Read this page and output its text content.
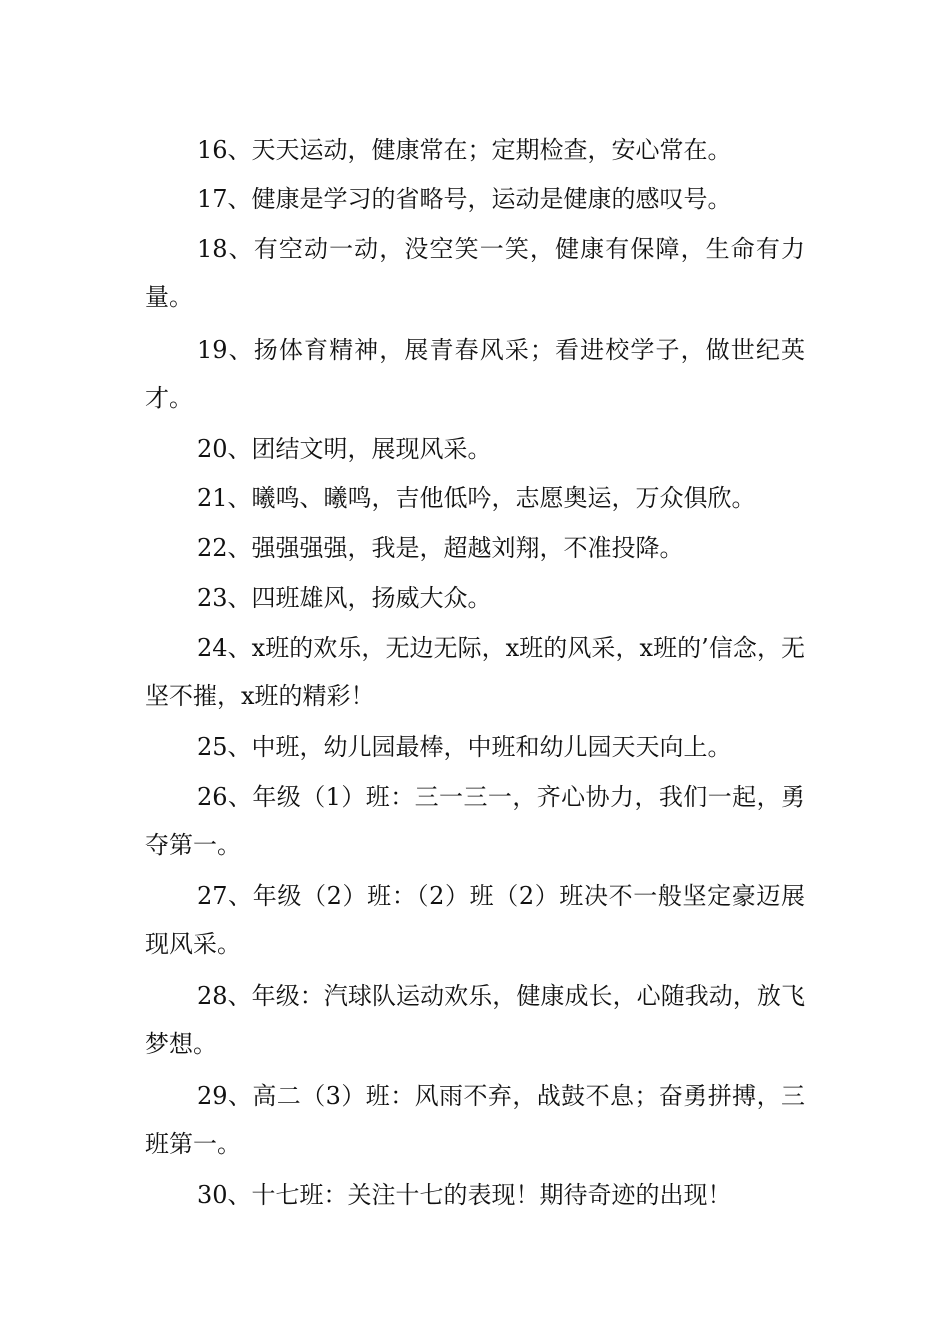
16、天天运动，健康常在；定期检查，安心常在。

17、健康是学习的省略号，运动是健康的感叹号。

18、有空动一动，没空笑一笑，健康有保障，生命有力量。

19、扬体育精神，展青春风采；看进校学子，做世纪英才。

20、团结文明，展现风采。

21、曦鸣、曦鸣，吉他低吟，志愿奥运，万众俱欣。

22、强强强强，我是，超越刘翔，不准投降。

23、四班雄风，扬威大众。

24、x班的欢乐，无边无际，x班的风采，x班的’信念，无坚不摧，x班的精彩！

25、中班，幼儿园最棒，中班和幼儿园天天向上。

26、年级（1）班：三一三一，齐心协力，我们一起，勇夺第一。

27、年级（2）班：（2）班（2）班决不一般坚定豪迈展现风采。

28、年级：汽球队运动欢乐，健康成长，心随我动，放飞梦想。

29、高二（3）班：风雨不弃，战鼓不息；奋勇拼搏，三班第一。

30、十七班：关注十七的表现！期待奇迹的出现！
